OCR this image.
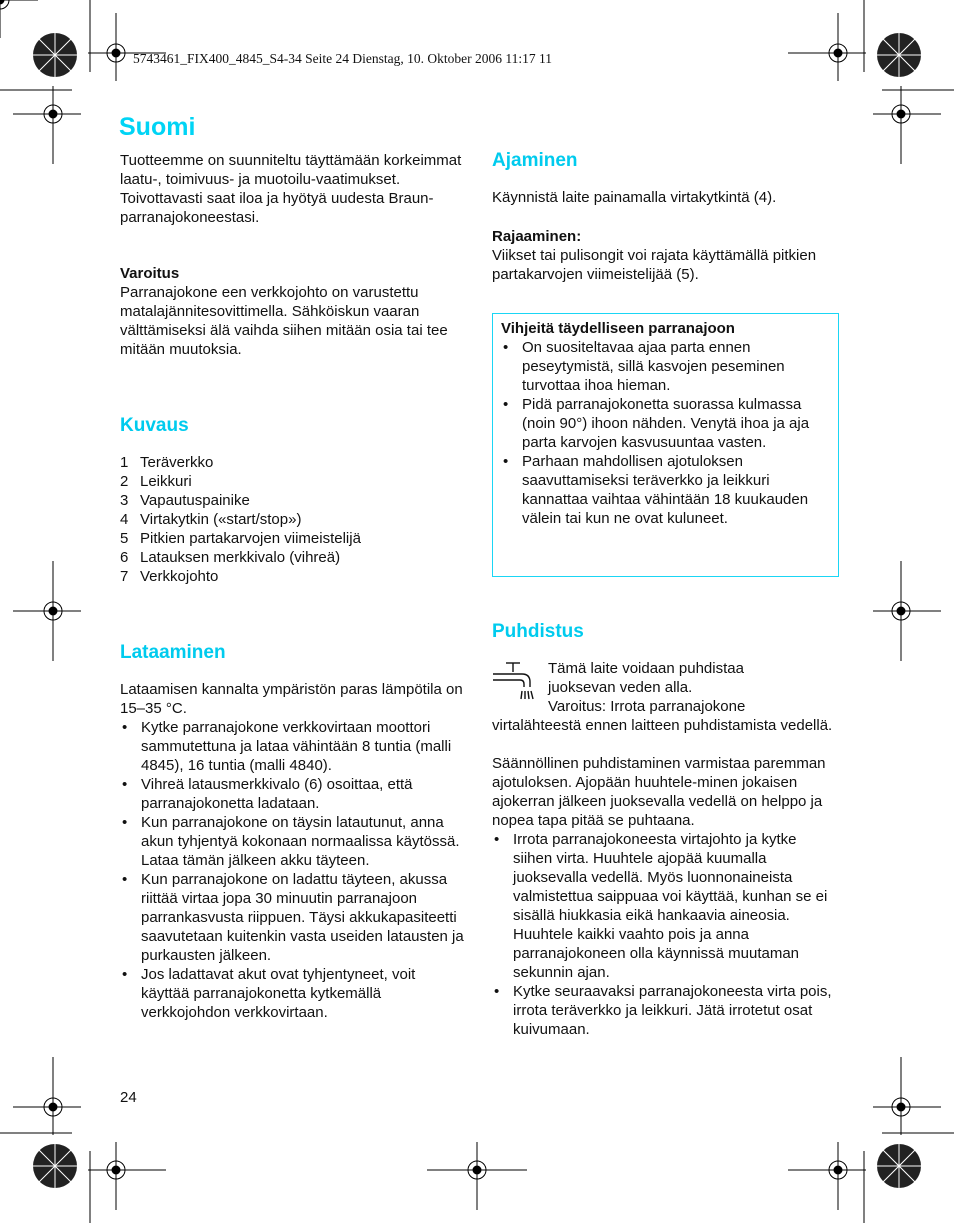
5743461_FIX400_4845_S4-34 Seite 24 Dienstag, 10. Oktober 2006 11:17 11
Suomi

Tuotteemme on suunniteltu täyttämään korkeimmat laatu-, toimivuus- ja muotoilu-vaatimukset. Toivottavasti saat iloa ja hyötyä uudesta Braun-parranajokoneestasi.

Varoitus

Parranajokone een verkkojohto on varustettu matalajännitesovittimella. Sähköiskun vaaran välttämiseksi älä vaihda siihen mitään osia tai tee mitään muutoksia.

Kuvaus
1 Teräverkko
2 Leikkuri
3 Vapautuspainike
4 Virtakytkin («start/stop»)
5 Pitkien partakarvojen viimeistelijä
6 Latauksen merkkivalo (vihreä)
7 Verkkojohto
Lataaminen

Lataamisen kannalta ympäristön paras lämpötila on 15–35 °C.

• Kytke parranajokone verkkovirtaan moottori sammutettuna ja lataa vähintään 8 tuntia (malli 4845), 16 tuntia (malli 4840).
• Vihreä latausmerkkivalo (6) osoittaa, että parranajokonetta ladataan.
• Kun parranajokone on täysin latautunut, anna akun tyhjentyä kokonaan normaalissa käytössä. Lataa tämän jälkeen akku täyteen.
• Kun parranajokone on ladattu täyteen, akussa riittää virtaa jopa 30 minuutin parranajoon parrankasvusta riippuen. Täysi akkukapasiteetti saavutetaan kuitenkin vasta useiden latausten ja purkausten jälkeen.
• Jos ladattavat akut ovat tyhjentyneet, voit käyttää parranajokonetta kytkemällä verkkojohdon verkkovirtaan.
24
Ajaminen

Käynnistä laite painamalla virtakytkintä (4).

Rajaaminen:

Viikset tai pulisongit voi rajata käyttämällä pitkien partakarvojen viimeistelijää (5).

Vihjeitä täydelliseen parranajoon
• On suositeltavaa ajaa parta ennen peseytymistä, sillä kasvojen peseminen turvottaa ihoa hieman.
• Pidä parranajokonetta suorassa kulmassa (noin 90°) ihoon nähden. Venytä ihoa ja aja parta karvojen kasvusuuntaa vasten.
• Parhaan mahdollisen ajotuloksen saavuttamiseksi teräverkko ja leikkuri kannattaa vaihtaa vähintään 18 kuukauden välein tai kun ne ovat kuluneet.
Puhdistus
Tämä laite voidaan puhdistaa
juoksevan veden alla.
Varoitus: Irrota parranajokone

virtalähteestä ennen laitteen puhdistamista vedellä.

Säännöllinen puhdistaminen varmistaa paremman ajotuloksen. Ajopään huuhtele-minen jokaisen ajokerran jälkeen juoksevalla vedellä on helppo ja nopea tapa pitää se puhtaana.

• Irrota parranajokoneesta virtajohto ja kytke siihen virta. Huuhtele ajopää kuumalla juoksevalla vedellä. Myös luonnonaineista valmistettua saippuaa voi käyttää, kunhan se ei sisällä hiukkasia eikä hankaavia aineosia. Huuhtele kaikki vaahto pois ja anna parranajokoneen olla käynnissä muutaman sekunnin ajan.
• Kytke seuraavaksi parranajokoneesta virta pois, irrota teräverkko ja leikkuri. Jätä irrotetut osat kuivumaan.
